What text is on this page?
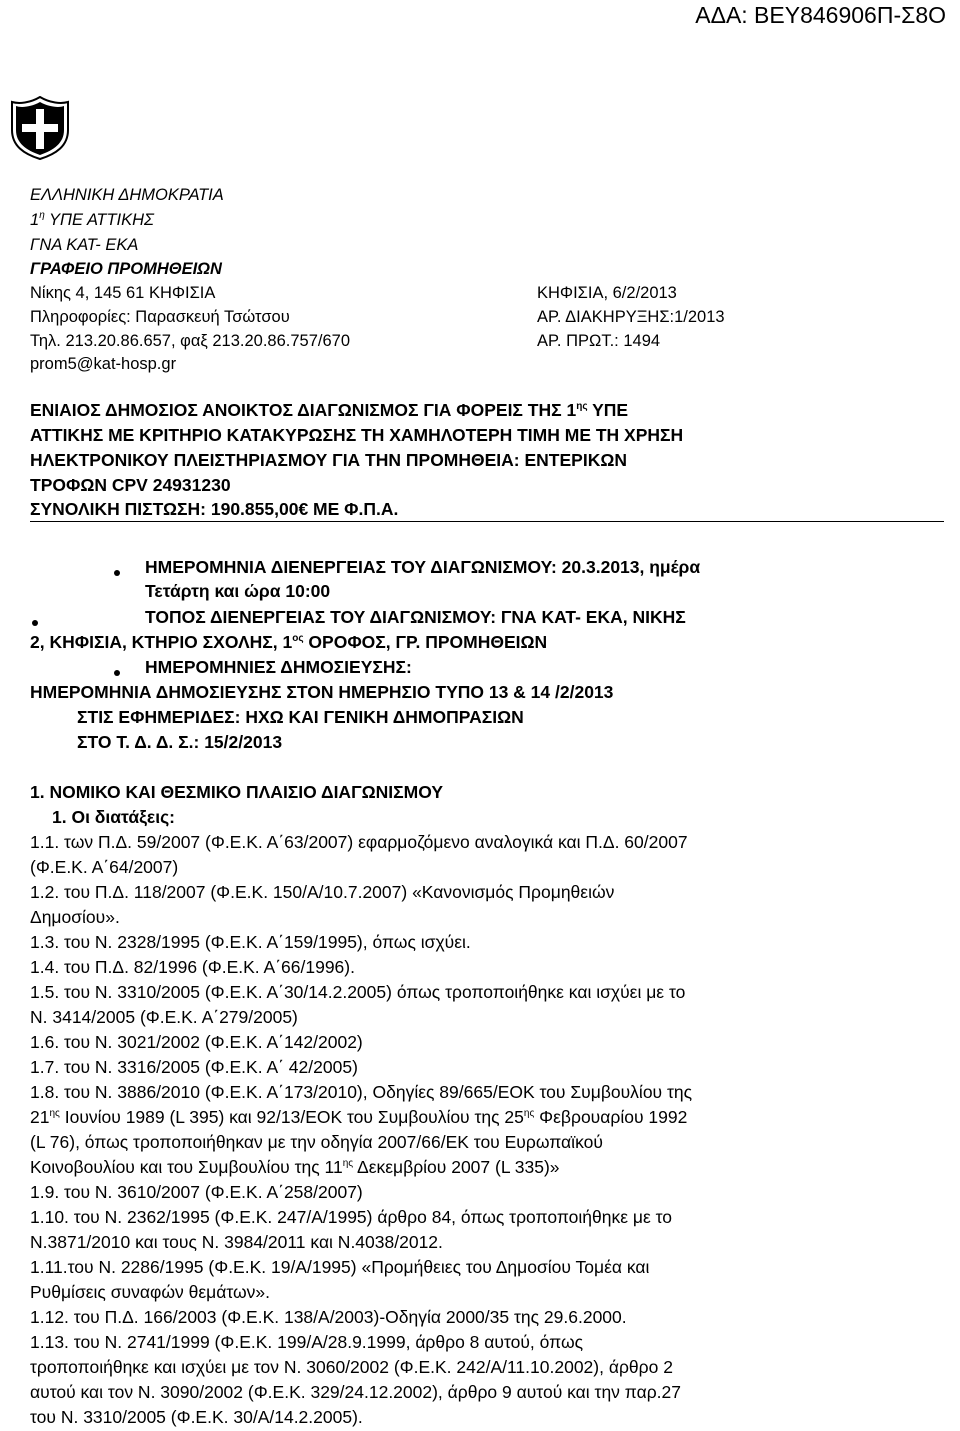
ΑΔΑ: ΒΕΥ846906Π-Σ8Ο
ΕΛΛΗΝΙΚΗ ΔΗΜΟΚΡΑΤΙΑ
$1^\eta$ ΥΠΕ ΑΤΤΙΚΗΣ
ΓΝΑ ΚΑΤ- ΕΚΑ
ΓΡΑΦΕΙΟ ΠΡΟΜΗΘΕΙΩΝ
Νίκης 4, 145 61 ΚΗΦΙΣΙΑ
Πληροφορίες: Παρασκευή Τσώτσου
Τηλ. 213.20.86.657, φαξ 213.20.86.757/670
prom5@kat-hosp.gr
ΚΗΦΙΣΙΑ, 6/2/2013
ΑΡ. ΔΙΑΚΗΡΥΞΗΣ:1/2013
ΑΡ. ΠΡΩΤ.: 1494
ΕΝΙΑΙΟΣ ΔΗΜΟΣΙΟΣ ΑΝΟΙΚΤΟΣ ΔΙΑΓΩΝΙΣΜΟΣ ΓΙΑ ΦΟΡΕΙΣ ΤΗΣ $1^{\eta\varsigma}$ ΥΠΕ
ΑΤΤΙΚΗΣ ΜΕ ΚΡΙΤΗΡΙΟ ΚΑΤΑΚΥΡΩΣΗΣ ΤΗ ΧΑΜΗΛΟΤΕΡΗ ΤΙΜΗ ΜΕ ΤΗ ΧΡΗΣΗ
ΗΛΕΚΤΡΟΝΙΚΟΥ ΠΛΕΙΣΤΗΡΙΑΣΜΟΥ ΓΙΑ ΤΗΝ ΠΡΟΜΗΘΕΙΑ: ΕΝΤΕΡΙΚΩΝ
ΤΡΟΦΩΝ CPV 24931230
ΣΥΝΟΛΙΚΗ ΠΙΣΤΩΣΗ: 190.855,00€ ΜΕ Φ.Π.Α.
ΗΜΕΡΟΜΗΝΙΑ ΔΙΕΝΕΡΓΕΙΑΣ ΤΟΥ ΔΙΑΓΩΝΙΣΜΟΥ: 20.3.2013, ημέρα
Τετάρτη και ώρα 10:00
ΤΟΠΟΣ ΔΙΕΝΕΡΓΕΙΑΣ ΤΟΥ ΔΙΑΓΩΝΙΣΜΟΥ: ΓΝΑ ΚΑΤ- ΕΚΑ, ΝΙΚΗΣ
2, ΚΗΦΙΣΙΑ, ΚΤΗΡΙΟ ΣΧΟΛΗΣ, $1^{o\varsigma}$ ΟΡΟΦΟΣ, ΓΡ. ΠΡΟΜΗΘΕΙΩΝ
ΗΜΕΡΟΜΗΝΙΕΣ ΔΗΜΟΣΙΕΥΣΗΣ:
ΗΜΕΡΟΜΗΝΙΑ ΔΗΜΟΣΙΕΥΣΗΣ ΣΤΟΝ ΗΜΕΡΗΣΙΟ ΤΥΠΟ 13 & 14 /2/2013
ΣΤΙΣ ΕΦΗΜΕΡΙΔΕΣ: ΗΧΩ ΚΑΙ ΓΕΝΙΚΗ ΔΗΜΟΠΡΑΣΙΩΝ
ΣΤΟ Τ. Δ. Δ. Σ.: 15/2/2013
1. ΝΟΜΙΚΟ ΚΑΙ ΘΕΣΜΙΚΟ ΠΛΑΙΣΙΟ ΔΙΑΓΩΝΙΣΜΟΥ
1. Οι διατάξεις:
1.1. των Π.Δ. 59/2007 (Φ.Ε.Κ. Α΄63/2007) εφαρμοζόμενο αναλογικά και Π.Δ. 60/2007
(Φ.Ε.Κ. Α΄64/2007)
1.2. του Π.Δ. 118/2007 (Φ.Ε.Κ. 150/Α/10.7.2007) «Κανονισμός Προμηθειών
Δημοσίου».
1.3. του Ν. 2328/1995 (Φ.Ε.Κ. Α΄159/1995), όπως ισχύει.
1.4. του Π.Δ. 82/1996 (Φ.Ε.Κ. Α΄66/1996).
1.5. του Ν. 3310/2005 (Φ.Ε.Κ. Α΄30/14.2.2005) όπως τροποποιήθηκε και ισχύει με το
Ν. 3414/2005 (Φ.Ε.Κ. Α΄279/2005)
1.6. του Ν. 3021/2002 (Φ.Ε.Κ. Α΄142/2002)
1.7. του Ν. 3316/2005 (Φ.Ε.Κ. Α΄ 42/2005)
1.8. του Ν. 3886/2010 (Φ.Ε.Κ. Α΄173/2010), Οδηγίες 89/665/ΕΟΚ του Συμβουλίου της
$21^{\eta\varsigma}$ Ιουνίου 1989 (L 395) και 92/13/ΕΟΚ του Συμβουλίου της $25^{\eta\varsigma}$ Φεβρουαρίου 1992
(L 76), όπως τροποποιήθηκαν με την οδηγία 2007/66/ΕΚ του Ευρωπαϊκού
Κοινοβουλίου και του Συμβουλίου της $11^{\eta\varsigma}$ Δεκεμβρίου 2007 (L 335)»
1.9. του Ν. 3610/2007 (Φ.Ε.Κ. Α΄258/2007)
1.10. του Ν. 2362/1995 (Φ.Ε.Κ. 247/Α/1995) άρθρο 84, όπως τροποποιήθηκε με το
Ν.3871/2010 και τους Ν. 3984/2011 και Ν.4038/2012.
1.11.του Ν. 2286/1995 (Φ.Ε.Κ. 19/Α/1995) «Προμήθειες του Δημοσίου Τομέα και
Ρυθμίσεις συναφών θεμάτων».
1.12. του Π.Δ. 166/2003 (Φ.Ε.Κ. 138/Α/2003)-Οδηγία 2000/35 της 29.6.2000.
1.13. του Ν. 2741/1999 (Φ.Ε.Κ. 199/Α/28.9.1999, άρθρο 8 αυτού, όπως
τροποποιήθηκε και ισχύει με τον Ν. 3060/2002 (Φ.Ε.Κ. 242/Α/11.10.2002), άρθρο 2
αυτού και τον Ν. 3090/2002 (Φ.Ε.Κ. 329/24.12.2002), άρθρο 9 αυτού και την παρ.27
του Ν. 3310/2005 (Φ.Ε.Κ. 30/Α/14.2.2005).
